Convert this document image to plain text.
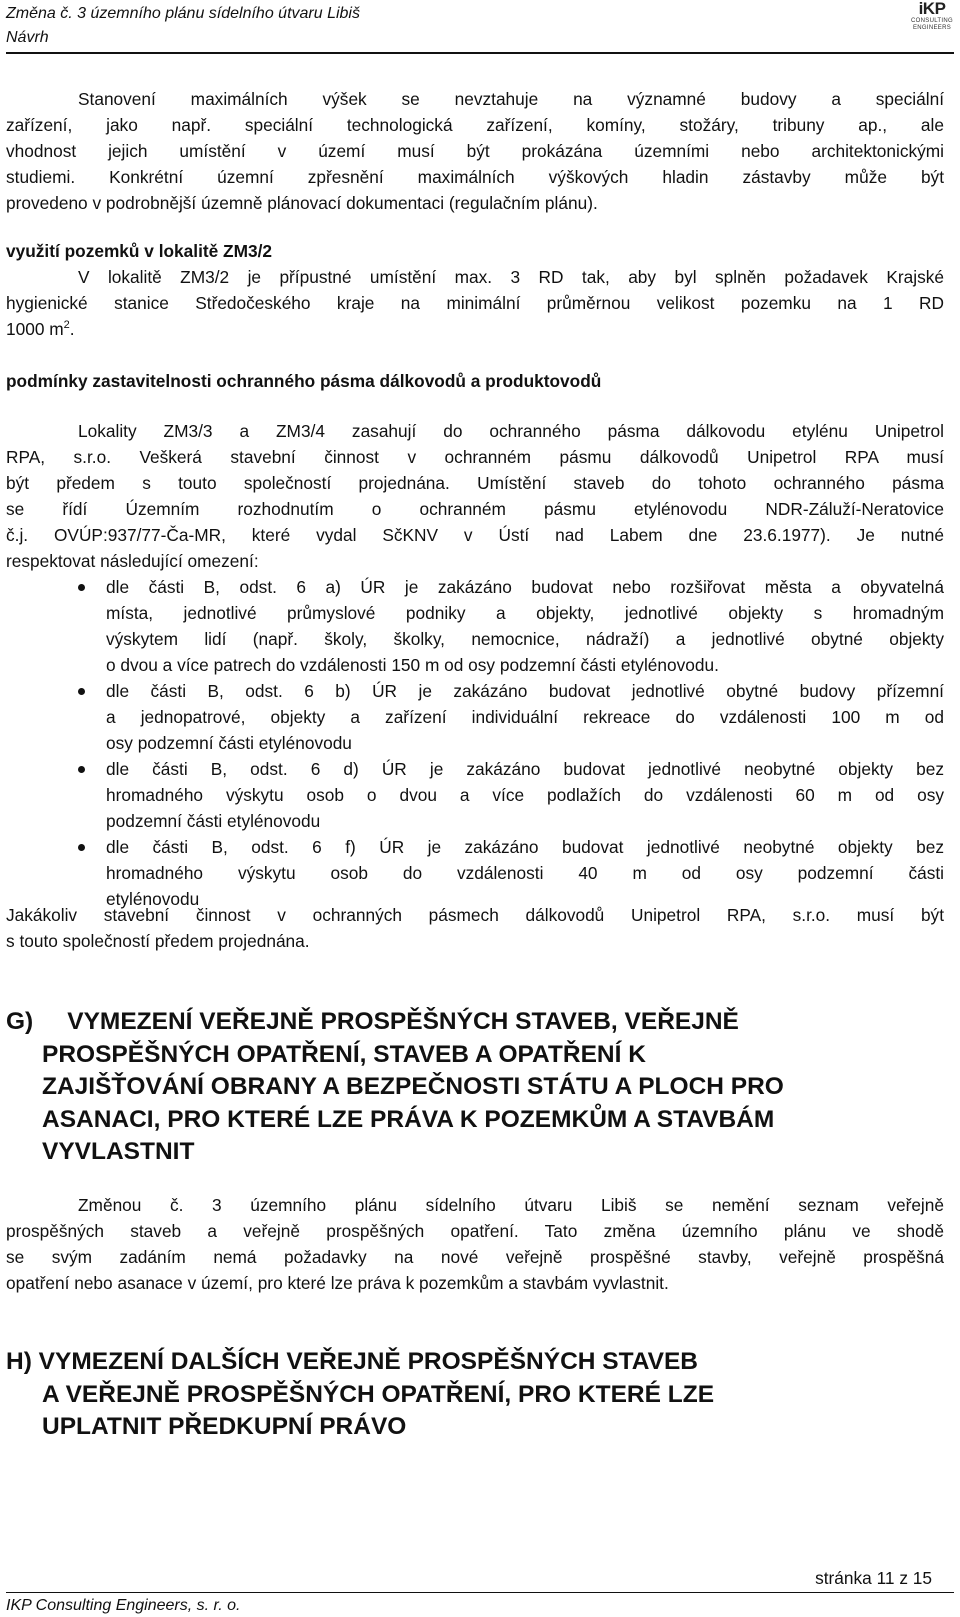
Změna č. 3 územního plánu sídelního útvaru Libiš
Návrh
iKP
CONSULTING
ENGINEERS
Stanovení maximálních výšek se nevztahuje na významné budovy a speciální
zařízení, jako např. speciální technologická zařízení, komíny, stožáry, tribuny ap., ale
vhodnost jejich umístění v území musí být prokázána územními nebo architektonickými
studiemi. Konkrétní územní zpřesnění maximálních výškových hladin zástavby může být
provedeno v podrobnější územně plánovací dokumentaci (regulačním plánu).
využití pozemků v lokalitě ZM3/2
V lokalitě ZM3/2 je přípustné umístění max. 3 RD tak, aby byl splněn požadavek Krajské
hygienické stanice Středočeského kraje na minimální průměrnou velikost pozemku na 1 RD
1000 $m^2$.
podmínky zastavitelnosti ochranného pásma dálkovodů a produktovodů
Lokality ZM3/3 a ZM3/4 zasahují do ochranného pásma dálkovodu etylénu Unipetrol
RPA, s.r.o. Veškerá stavební činnost v ochranném pásmu dálkovodů Unipetrol RPA musí
být předem s touto společností projednána. Umístění staveb do tohoto ochranného pásma
se řídí Územním rozhodnutím o ochranném pásmu etylénovodu NDR-Záluží-Neratovice
č.j. OVÚP:937/77-Ča-MR, které vydal SčKNV v Ústí nad Labem dne 23.6.1977). Je nutné
respektovat následující omezení:
dle části B, odst. 6 a) ÚR je zakázáno budovat nebo rozšiřovat města a obyvatelná
místa, jednotlivé průmyslové podniky a objekty, jednotlivé objekty s hromadným
výskytem lidí (např. školy, školky, nemocnice, nádraží) a jednotlivé obytné objekty
o dvou a více patrech do vzdálenosti 150 m od osy podzemní části etylénovodu.
dle části B, odst. 6 b) ÚR je zakázáno budovat jednotlivé obytné budovy přízemní
a jednopatrové, objekty a zařízení individuální rekreace do vzdálenosti 100 m od
osy podzemní části etylénovodu
dle části B, odst. 6 d) ÚR je zakázáno budovat jednotlivé neobytné objekty bez
hromadného výskytu osob o dvou a více podlažích do vzdálenosti 60 m od osy
podzemní části etylénovodu
dle části B, odst. 6 f) ÚR je zakázáno budovat jednotlivé neobytné objekty bez
hromadného výskytu osob do vzdálenosti 40 m od osy podzemní části
etylénovodu
Jakákoliv stavební činnost v ochranných pásmech dálkovodů Unipetrol RPA, s.r.o. musí být
s touto společností předem projednána.
G)     VYMEZENÍ VEŘEJNĚ PROSPĚŠNÝCH STAVEB, VEŘEJNĚ
PROSPĚŠNÝCH OPATŘENÍ, STAVEB A OPATŘENÍ K
ZAJIŠŤOVÁNÍ OBRANY A BEZPEČNOSTI STÁTU A PLOCH PRO
ASANACI, PRO KTERÉ LZE PRÁVA K POZEMKŮM A STAVBÁM
VYVLASTNIT
Změnou č. 3 územního plánu sídelního útvaru Libiš se nemění seznam veřejně
prospěšných staveb a veřejně prospěšných opatření. Tato změna územního plánu ve shodě
se svým zadáním nemá požadavky na nové veřejně prospěšné stavby, veřejně prospěšná
opatření nebo asanace v území, pro které lze práva k pozemkům a stavbám vyvlastnit.
H) VYMEZENÍ DALŠÍCH VEŘEJNĚ PROSPĚŠNÝCH STAVEB
A VEŘEJNĚ PROSPĚŠNÝCH OPATŘENÍ, PRO KTERÉ LZE
UPLATNIT PŘEDKUPNÍ PRÁVO
stránka 11 z 15
IKP Consulting Engineers, s. r. o.
